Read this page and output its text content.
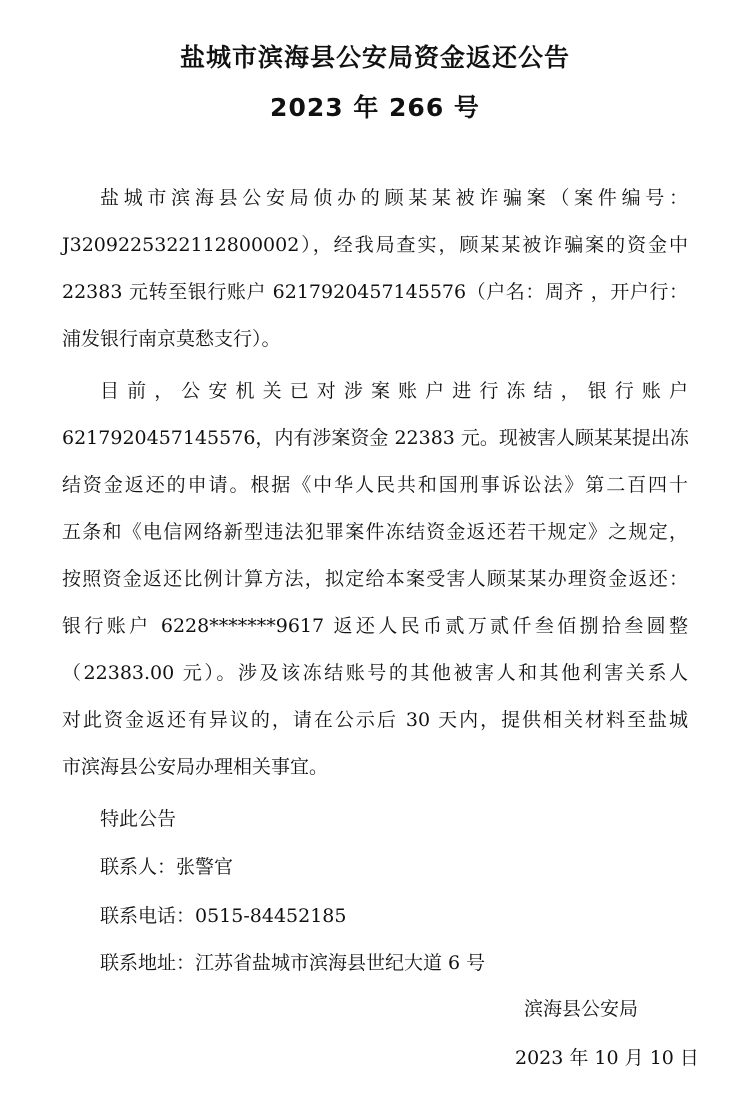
盐城市滨海县公安局资金返还公告
2023 年 266 号
盐城市滨海县公安局侦办的顾某某被诈骗案（案件编号：
J3209225322112800002），经我局查实，顾某某被诈骗案的资金中
22383 元转至银行账户 6217920457145576（户名：周齐 ，开户行：
浦发银行南京莫愁支行）。
目前，公安机关已对涉案账户进行冻结，银行账户
6217920457145576，内有涉案资金 22383 元。现被害人顾某某提出冻
结资金返还的申请。根据《中华人民共和国刑事诉讼法》第二百四十
五条和《电信网络新型违法犯罪案件冻结资金返还若干规定》之规定，
按照资金返还比例计算方法，拟定给本案受害人顾某某办理资金返还：
银行账户 6228*******9617 返还人民币贰万贰仟叁佰捌拾叁圆整
（22383.00 元）。涉及该冻结账号的其他被害人和其他利害关系人
对此资金返还有异议的，请在公示后 30 天内，提供相关材料至盐城
市滨海县公安局办理相关事宜。
特此公告
联系人：张警官
联系电话：0515-84452185
联系地址：江苏省盐城市滨海县世纪大道 6 号
滨海县公安局
2023 年 10 月 10 日
